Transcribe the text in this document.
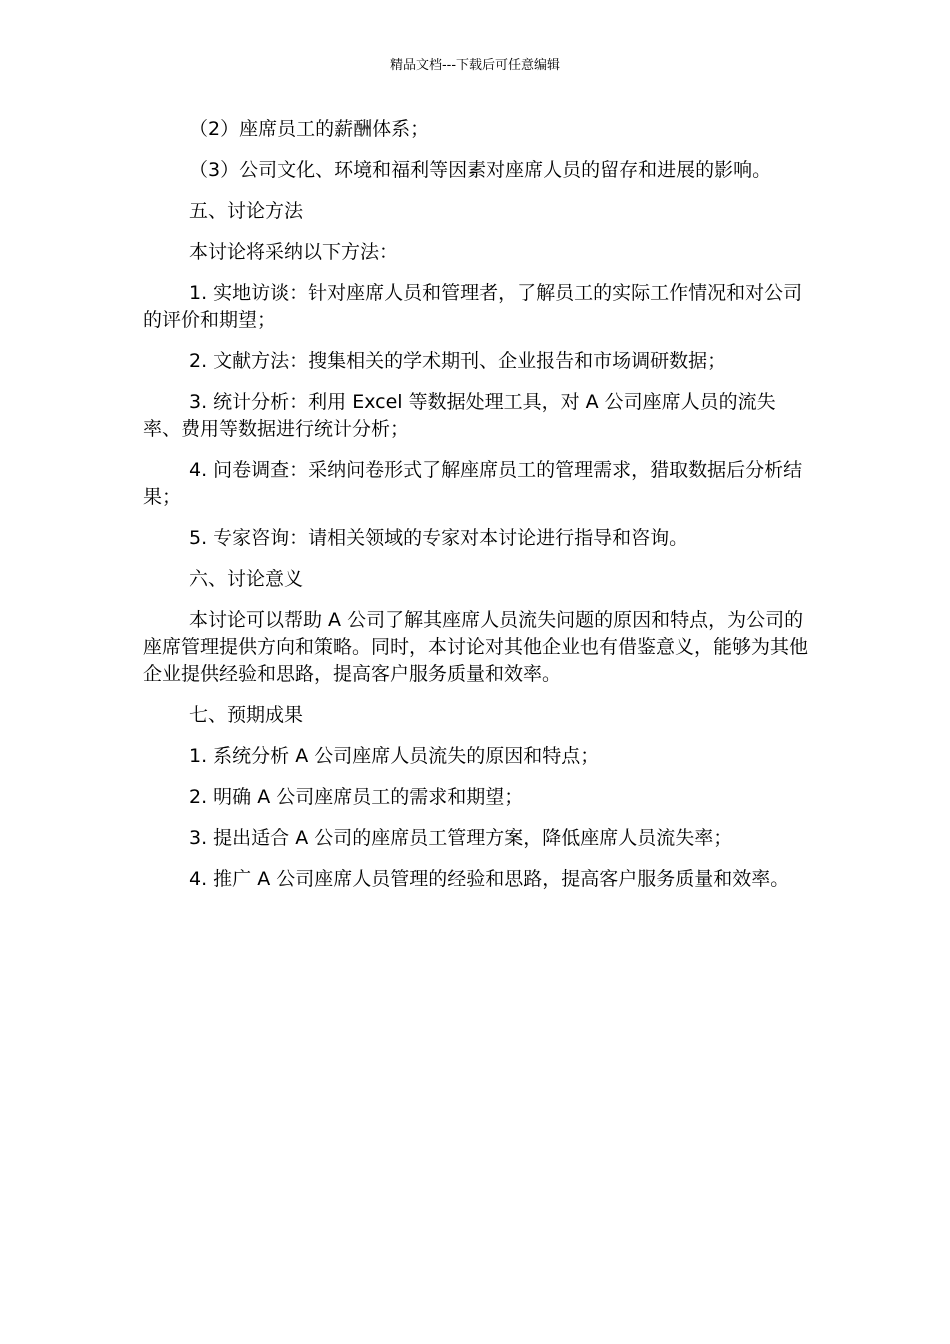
精品文档---下载后可任意编辑

（2）座席员工的薪酬体系；

（3）公司文化、环境和福利等因素对座席人员的留存和进展的影响。

五、讨论方法

本讨论将采纳以下方法：

1. 实地访谈：针对座席人员和管理者，了解员工的实际工作情况和对公司的评价和期望；

2. 文献方法：搜集相关的学术期刊、企业报告和市场调研数据；

3. 统计分析：利用 Excel 等数据处理工具，对 A 公司座席人员的流失率、费用等数据进行统计分析；

4. 问卷调查：采纳问卷形式了解座席员工的管理需求，猎取数据后分析结果；

5. 专家咨询：请相关领域的专家对本讨论进行指导和咨询。

六、讨论意义

本讨论可以帮助 A 公司了解其座席人员流失问题的原因和特点，为公司的座席管理提供方向和策略。同时，本讨论对其他企业也有借鉴意义，能够为其他企业提供经验和思路，提高客户服务质量和效率。

七、预期成果

1. 系统分析 A 公司座席人员流失的原因和特点；

2. 明确 A 公司座席员工的需求和期望；

3. 提出适合 A 公司的座席员工管理方案，降低座席人员流失率；

4. 推广 A 公司座席人员管理的经验和思路，提高客户服务质量和效率。
